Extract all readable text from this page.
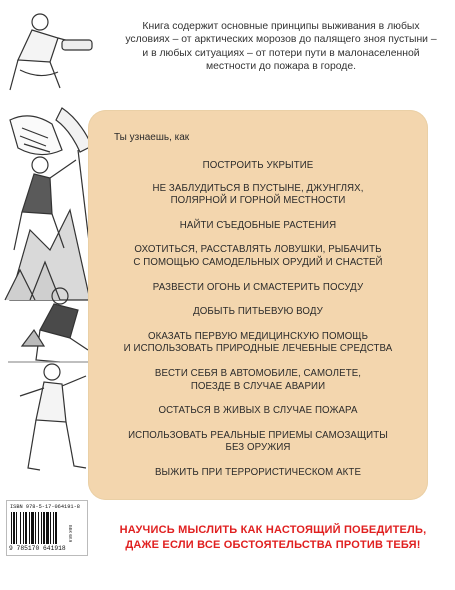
Книга содержит основные принципы выживания в любых
условиях – от арктических морозов до палящего зноя пустыни –
и в любых ситуациях – от потери пути в малонаселенной
местности до пожара в городе.

Ты узнаешь, как

ПОСТРОИТЬ УКРЫТИЕ
НЕ ЗАБЛУДИТЬСЯ В ПУСТЫНЕ, ДЖУНГЛЯХ,
ПОЛЯРНОЙ И ГОРНОЙ МЕСТНОСТИ
НАЙТИ СЪЕДОБНЫЕ РАСТЕНИЯ
ОХОТИТЬСЯ, РАССТАВЛЯТЬ ЛОВУШКИ, РЫБАЧИТЬ
С ПОМОЩЬЮ САМОДЕЛЬНЫХ ОРУДИЙ И СНАСТЕЙ
РАЗВЕСТИ ОГОНЬ И СМАСТЕРИТЬ ПОСУДУ
ДОБЫТЬ ПИТЬЕВУЮ ВОДУ
ОКАЗАТЬ ПЕРВУЮ МЕДИЦИНСКУЮ ПОМОЩЬ
И ИСПОЛЬЗОВАТЬ ПРИРОДНЫЕ ЛЕЧЕБНЫЕ СРЕДСТВА
ВЕСТИ СЕБЯ В АВТОМОБИЛЕ, САМОЛЕТЕ,
ПОЕЗДЕ В СЛУЧАЕ АВАРИИ
ОСТАТЬСЯ В ЖИВЫХ В СЛУЧАЕ ПОЖАРА
ИСПОЛЬЗОВАТЬ РЕАЛЬНЫЕ ПРИЕМЫ САМОЗАЩИТЫ
БЕЗ ОРУЖИЯ
ВЫЖИТЬ ПРИ ТЕРРОРИСТИЧЕСКОМ АКТЕ

ISBN 978-5-17-064191-8

9 785170 641918

ББК 68.9	НАУЧИСЬ МЫСЛИТЬ КАК НАСТОЯЩИЙ ПОБЕДИТЕЛЬ,
ДАЖЕ ЕСЛИ ВСЕ ОБСТОЯТЕЛЬСТВА ПРОТИВ ТЕБЯ!
